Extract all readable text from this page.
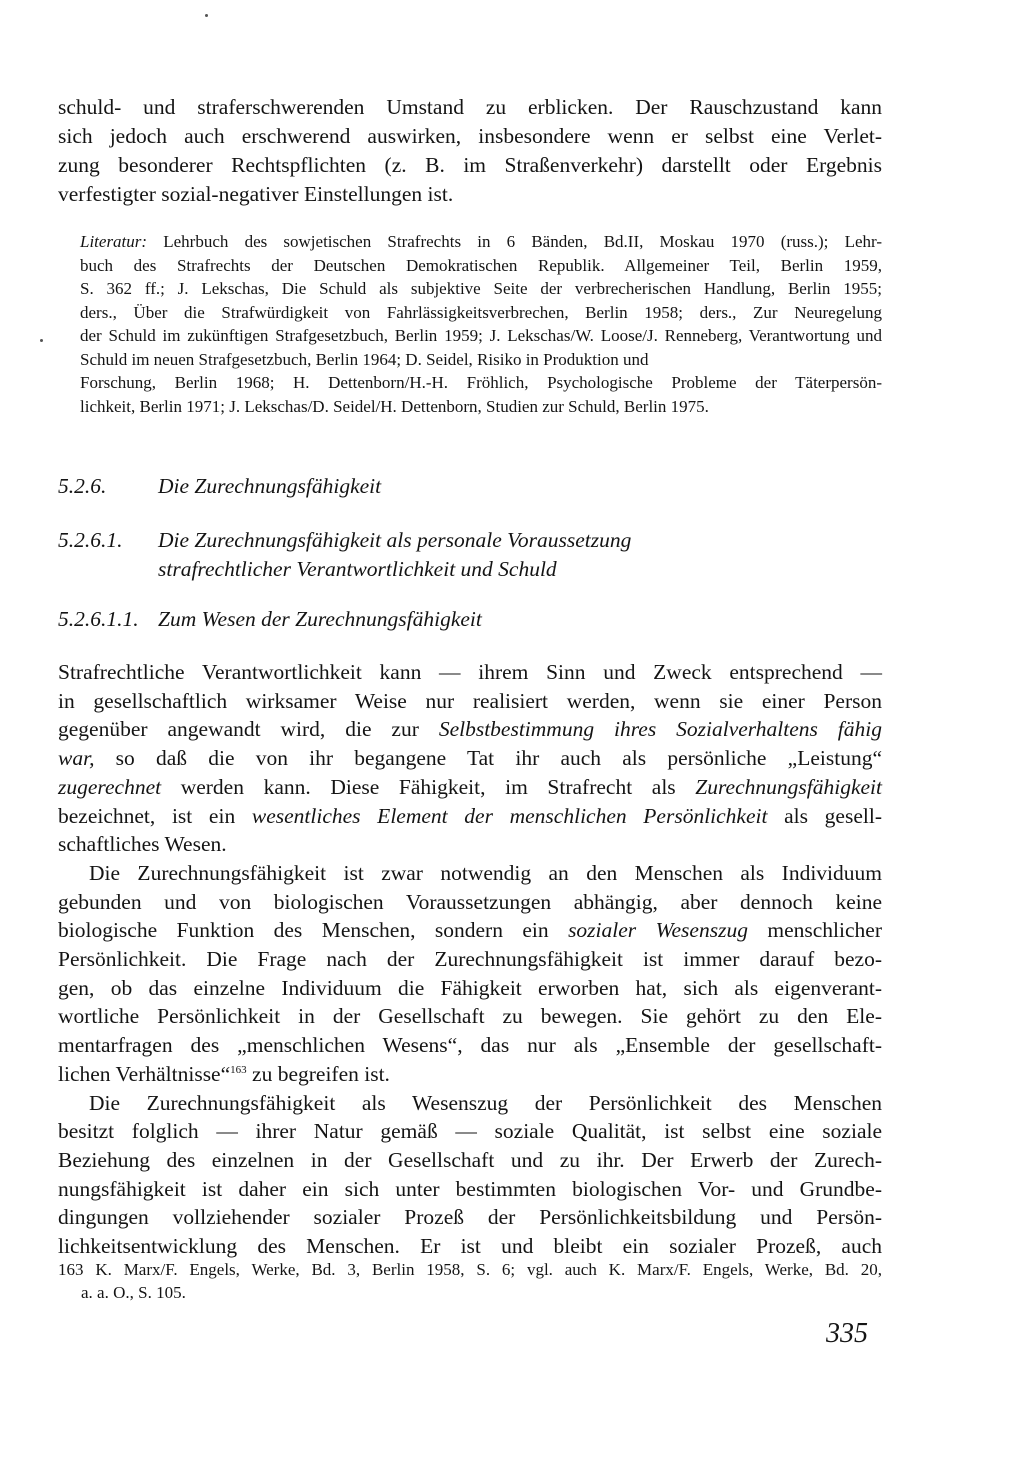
schuld- und straferschwerenden Umstand zu erblicken. Der Rauschzustand kann
sich jedoch auch erschwerend auswirken, insbesondere wenn er selbst eine Verlet-
zung besonderer Rechtspflichten (z. B. im Straßenverkehr) darstellt oder Ergebnis
verfestigter sozial-negativer Einstellungen ist.
Literatur: Lehrbuch des sowjetischen Strafrechts in 6 Bänden, Bd.II, Moskau 1970 (russ.); Lehr-
buch des Strafrechts der Deutschen Demokratischen Republik. Allgemeiner Teil, Berlin 1959,
S. 362 ff.; J. Lekschas, Die Schuld als subjektive Seite der verbrecherischen Handlung, Berlin 1955;
ders., Über die Strafwürdigkeit von Fahrlässigkeitsverbrechen, Berlin 1958; ders., Zur Neuregelung
der Schuld im zukünftigen Strafgesetzbuch, Berlin 1959; J. Lekschas/W. Loose/J. Renneberg, Verantwortung und Schuld im neuen Strafgesetzbuch, Berlin 1964; D. Seidel, Risiko in Produktion und
Forschung, Berlin 1968; H. Dettenborn/H.-H. Fröhlich, Psychologische Probleme der Täterpersön-
lichkeit, Berlin 1971; J. Lekschas/D. Seidel/H. Dettenborn, Studien zur Schuld, Berlin 1975.
5.2.6. Die Zurechnungsfähigkeit
5.2.6.1. Die Zurechnungsfähigkeit als personale Voraussetzung
strafrechtlicher Verantwortlichkeit und Schuld
5.2.6.1.1. Zum Wesen der Zurechnungsfähigkeit
Strafrechtliche Verantwortlichkeit kann — ihrem Sinn und Zweck entsprechend —
in gesellschaftlich wirksamer Weise nur realisiert werden, wenn sie einer Person
gegenüber angewandt wird, die zur Selbstbestimmung ihres Sozialverhaltens fähig
war, so daß die von ihr begangene Tat ihr auch als persönliche „Leistung“
zugerechnet werden kann. Diese Fähigkeit, im Strafrecht als Zurechnungsfähigkeit
bezeichnet, ist ein wesentliches Element der menschlichen Persönlichkeit als gesell-
schaftliches Wesen.
Die Zurechnungsfähigkeit ist zwar notwendig an den Menschen als Individuum
gebunden und von biologischen Voraussetzungen abhängig, aber dennoch keine
biologische Funktion des Menschen, sondern ein sozialer Wesenszug menschlicher
Persönlichkeit. Die Frage nach der Zurechnungsfähigkeit ist immer darauf bezo-
gen, ob das einzelne Individuum die Fähigkeit erworben hat, sich als eigenverant-
wortliche Persönlichkeit in der Gesellschaft zu bewegen. Sie gehört zu den Ele-
mentarfragen des „menschlichen Wesens“, das nur als „Ensemble der gesellschaft-
lichen Verhältnisse“$^{163}$ zu begreifen ist.
Die Zurechnungsfähigkeit als Wesenszug der Persönlichkeit des Menschen
besitzt folglich — ihrer Natur gemäß — soziale Qualität, ist selbst eine soziale
Beziehung des einzelnen in der Gesellschaft und zu ihr. Der Erwerb der Zurech-
nungsfähigkeit ist daher ein sich unter bestimmten biologischen Vor- und Grundbe-
dingungen vollziehender sozialer Prozeß der Persönlichkeitsbildung und Persön-
lichkeitsentwicklung des Menschen. Er ist und bleibt ein sozialer Prozeß, auch
163 K. Marx/F. Engels, Werke, Bd. 3, Berlin 1958, S. 6; vgl. auch K. Marx/F. Engels, Werke, Bd. 20,
a. a. O., S. 105.
335
